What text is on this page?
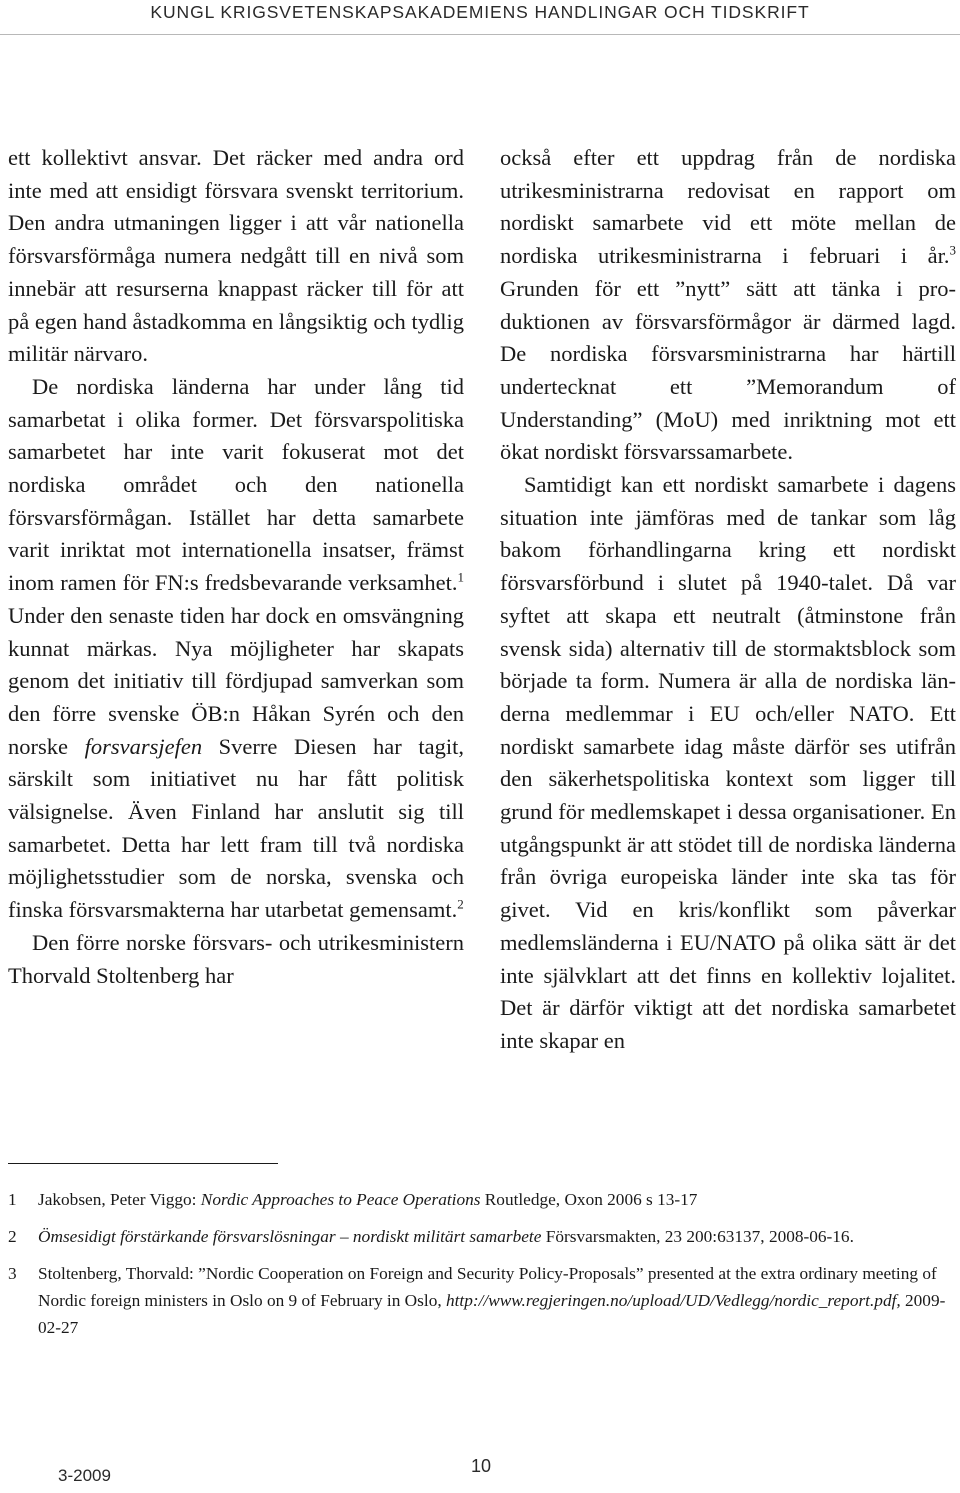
KUNGL KRIGSVETENSKAPSAKADEMIENS HANDLINGAR OCH TIDSKRIFT

ett kollektivt ansvar. Det räcker med andra ord inte med att ensidigt försvara svenskt territorium. Den andra utmaningen ligger i att vår nationella försvarsförmåga numera nedgått till en nivå som innebär att resurserna knappast räcker till för att på egen hand åstadkomma en långsiktig och tydlig militär närvaro.

De nordiska länderna har under lång tid samarbetat i olika former. Det försvarspolitiska samarbetet har inte varit fokuserat mot det nordiska området och den nationella försvarsförmågan. Istället har detta samarbete varit inriktat mot internationella insatser, främst inom ramen för FN:s fredsbevarande verksamhet.$^1$ Under den senaste tiden har dock en omsvängning kunnat märkas. Nya möjligheter har skapats genom det initiativ till fördjupad samverkan som den förre svenske ÖB:n Håkan Syrén och den norske forsvarsjefen Sverre Diesen har tagit, särskilt som initiativet nu har fått politisk välsignelse. Även Finland har anslutit sig till samarbetet. Detta har lett fram till två nordiska möjlighetsstudier som de norska, svenska och finska försvarsmakterna har utarbetat gemensamt.$^2$

Den förre norske försvars- och utrikesministern Thorvald Stoltenberg har

också efter ett uppdrag från de nordiska utrikesministrarna redovisat en rapport om nordiskt samarbete vid ett möte mellan de nordiska utrikesministrarna i februari i år.$^3$ Grunden för ett ”nytt” sätt att tänka i produktionen av försvarsförmågor är därmed lagd. De nordiska försvarsministrarna har härtill undertecknat ett ”Memorandum of Understanding” (MoU) med inriktning mot ett ökat nordiskt försvarssamarbete.

Samtidigt kan ett nordiskt samarbete i dagens situation inte jämföras med de tankar som låg bakom förhandlingarna kring ett nordiskt försvarsförbund i slutet på 1940-talet. Då var syftet att skapa ett neutralt (åtminstone från svensk sida) alternativ till de stormaktsblock som började ta form. Numera är alla de nordiska länderna medlemmar i EU och/eller NATO. Ett nordiskt samarbete idag måste därför ses utifrån den säkerhetspolitiska kontext som ligger till grund för medlemskapet i dessa organisationer. En utgångspunkt är att stödet till de nordiska länderna från övriga europeiska länder inte ska tas för givet. Vid en kris/konflikt som påverkar medlemsländerna i EU/NATO på olika sätt är det inte självklart att det finns en kollektiv lojalitet. Det är därför viktigt att det nordiska samarbetet inte skapar en

1	Jakobsen, Peter Viggo: Nordic Approaches to Peace Operations Routledge, Oxon 2006 s 13-17
2	Ömsesidigt förstärkande försvarslösningar – nordiskt militärt samarbete Försvarsmakten, 23 200:63137, 2008-06-16.
3	Stoltenberg, Thorvald: ”Nordic Cooperation on Foreign and Security Policy-Proposals” presented at the extra ordinary meeting of Nordic foreign ministers in Oslo on 9 of February in Oslo, http://www.regjeringen.no/upload/UD/Vedlegg/nordic_report.pdf, 2009-02-27
3-2009	10
